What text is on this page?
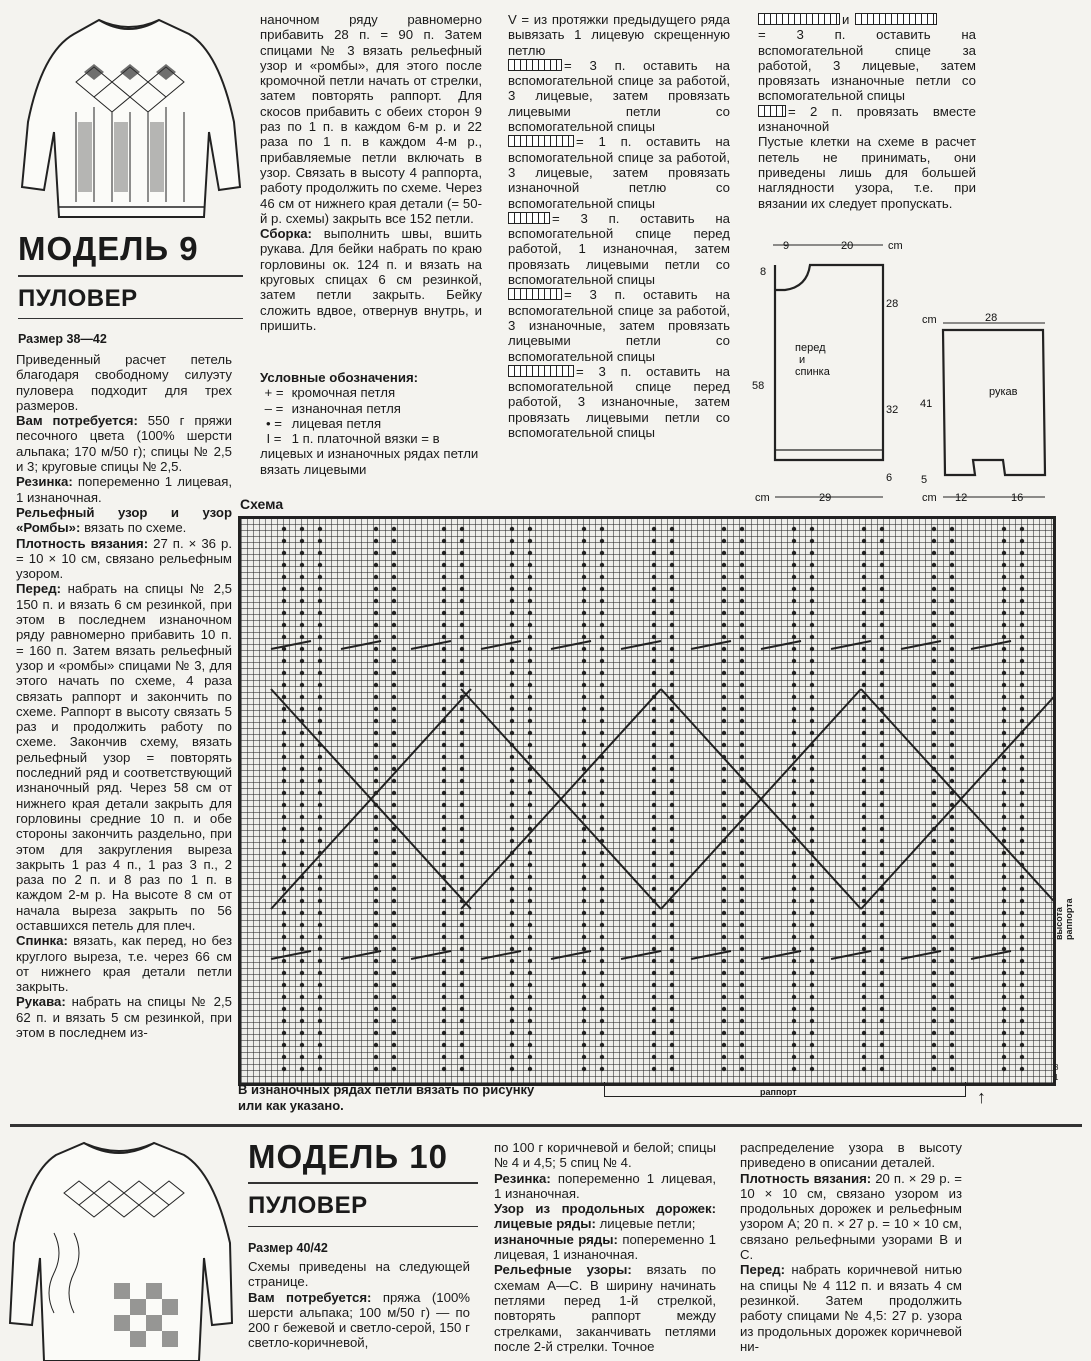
МОДЕЛЬ 9
ПУЛОВЕР
Размер 38—42

Приведенный расчет петель благодаря свободному силуэту пуловера подходит для трех размеров.

Вам потребуется: 550 г пряжи песочного цвета (100% шерсти альпака; 170 м/50 г); спицы № 2,5 и 3; круговые спицы № 2,5.

Резинка: попеременно 1 лицевая, 1 изнаночная.

Рельефный узор и узор «Ромбы»: вязать по схеме.

Плотность вязания: 27 п. × 36 р. = 10 × 10 см, связано рельефным узором.

Перед: набрать на спицы № 2,5 150 п. и вязать 6 см резинкой, при этом в последнем изнаночном ряду равномерно прибавить 10 п. = 160 п. Затем вязать рельефный узор и «ромбы» спицами № 3, для этого начать по схеме, 4 раза связать раппорт и закончить по схеме. Раппорт в высоту связать 5 раз и продолжить работу по схеме. Закончив схему, вязать рельефный узор = повторять последний ряд и соответствующий изнаночный ряд. Через 58 см от нижнего края детали закрыть для горловины средние 10 п. и обе стороны закончить раздельно, при этом для закругления выреза закрыть 1 раз 4 п., 1 раз 3 п., 2 раза по 2 п. и 8 раз по 1 п. в каждом 2-м р. На высоте 8 см от начала выреза закрыть по 56 оставшихся петель для плеч.

Спинка: вязать, как перед, но без круглого выреза, т.е. через 66 см от нижнего края детали петли закрыть.

Рукава: набрать на спицы № 2,5 62 п. и вязать 5 см резинкой, при этом в последнем из-

наночном ряду равномерно прибавить 28 п. = 90 п. Затем спицами № 3 вязать рельефный узор и «ромбы», для этого после кромочной петли начать от стрелки, затем повторять раппорт. Для скосов прибавить с обеих сторон 9 раз по 1 п. в каждом 6-м р. и 22 раза по 1 п. в каждом 4-м р., прибавляемые петли включать в узор. Связать в высоту 4 раппорта, работу продолжить по схеме. Через 46 см от нижнего края детали (= 50-й р. схемы) закрыть все 152 петли.

Сборка: выполнить швы, вшить рукава. Для бейки набрать по краю горловины ок. 124 п. и вязать на круговых спицах 6 см резинкой, затем петли закрыть. Бейку сложить вдвое, отвернув внутрь, и пришить.

Условные обозначения:
+ = кромочная петля
– = изнаночная петля
• = лицевая петля
I = 1 п. платочной вязки = в лицевых и изнаночных рядах петли вязать лицевыми

V = из протяжки предыдущего ряда вывязать 1 лицевую скрещенную петлю

= 3 п. оставить на вспомогательной спице за работой, 3 лицевые, затем провязать лицевыми петли со вспомогательной спицы

= 1 п. оставить на вспомогательной спице за работой, 3 лицевые, затем провязать изнаночной петлю со вспомогательной спицы

= 3 п. оставить на вспомогательной спице перед работой, 1 изнаночная, затем провязать лицевыми петли со вспомогательной спицы

= 3 п. оставить на вспомогательной спице за работой, 3 изнаночные, затем провязать лицевыми петли со вспомогательной спицы

= 3 п. оставить на вспомогательной спице перед работой, 3 изнаночные, затем провязать лицевыми петли со вспомогательной спицы

и

= 3 п. оставить на вспомогательной спице за работой, 3 лицевые, затем провязать изнаночные петли со вспомогательной спицы

= 2 п. провязать вместе изнаночной

Пустые клетки на схеме в расчет петель не принимать, они приведены лишь для большей наглядности узора, т.е. при вязании их следует пропускать.

9	20	cm
8
28
58
32
6
cm	29
перед
и
спинка
cm	28
41
рукав
5
cm 12	16
Схема
высота раппорта
3
1
раппорт	↑
В изнаночных рядах петли вязать по рисунку или как указано.
МОДЕЛЬ 10
ПУЛОВЕР
Размер 40/42

Схемы приведены на следующей странице.

Вам потребуется: пряжа (100% шерсти альпака; 100 м/50 г) — по 200 г бежевой и светло-серой, 150 г светло-коричневой,

по 100 г коричневой и белой; спицы № 4 и 4,5; 5 спиц № 4.

Резинка: попеременно 1 лицевая, 1 изнаночная.

Узор из продольных дорожек: лицевые ряды: лицевые петли;

изнаночные ряды: попеременно 1 лицевая, 1 изнаночная.

Рельефные узоры: вязать по схемам А—С. В ширину начинать петлями перед 1-й стрелкой, повторять раппорт между стрелками, заканчивать петлями после 2-й стрелки. Точное

распределение узора в высоту приведено в описании деталей.

Плотность вязания: 20 п. × 29 р. = 10 × 10 см, связано узором из продольных дорожек и рельефным узором А; 20 п. × 27 р. = 10 × 10 см, связано рельефными узорами В и С.

Перед: набрать коричневой нитью на спицы № 4 112 п. и вязать 4 см резинкой. Затем продолжить работу спицами № 4,5: 27 р. узора из продольных дорожек коричневой ни-
